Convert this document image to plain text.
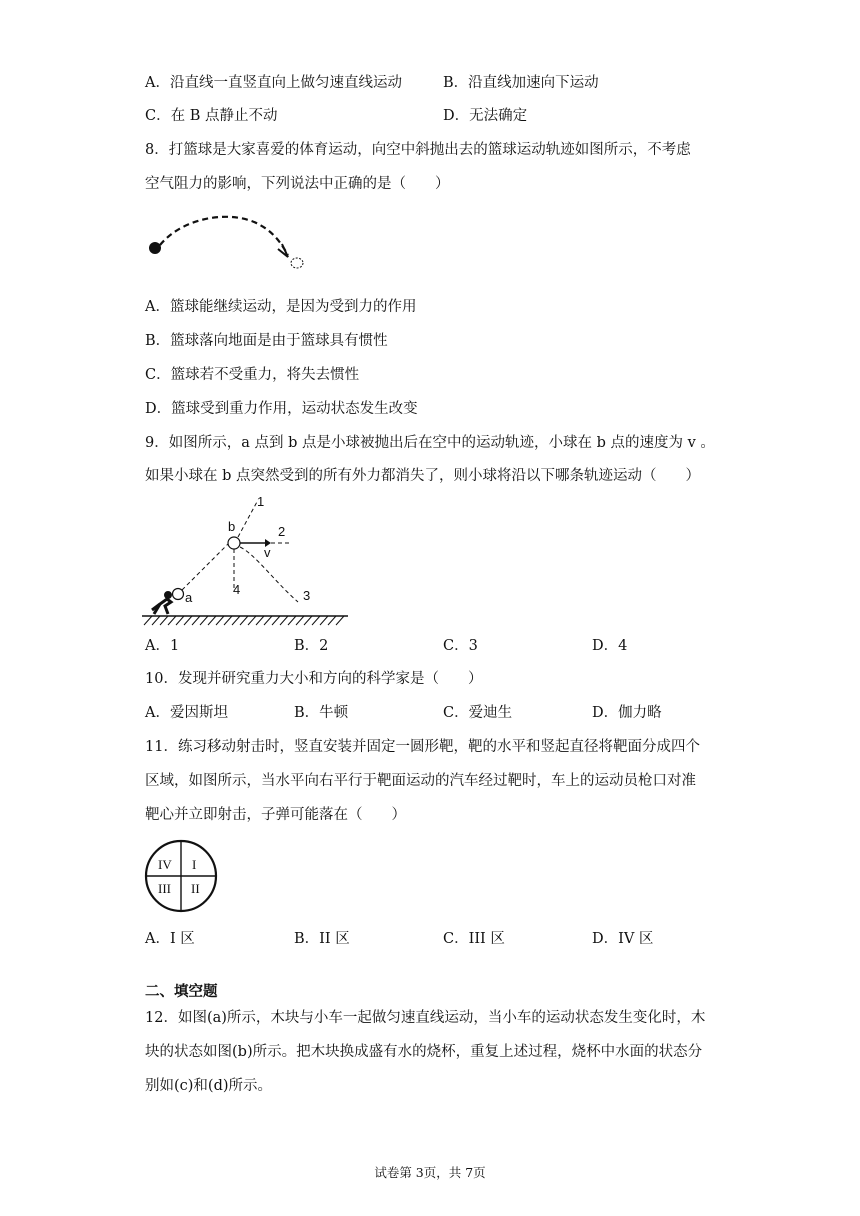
A．沿直线一直竖直向上做匀速直线运动	B．沿直线加速向下运动
C．在 B 点静止不动	D．无法确定
8．打篮球是大家喜爱的体育运动，向空中斜抛出去的篮球运动轨迹如图所示，不考虑
空气阻力的影响，下列说法中正确的是（　　）
A．篮球能继续运动，是因为受到力的作用
B．篮球落向地面是由于篮球具有惯性
C．篮球若不受重力，将失去惯性
D．篮球受到重力作用，运动状态发生改变
9．如图所示，a 点到 b 点是小球被抛出后在空中的运动轨迹，小球在 b 点的速度为 v 。
如果小球在 b 点突然受到的所有外力都消失了，则小球将沿以下哪条轨迹运动（　　）
a
b
1
2
v
3
4
A．1	B．2	C．3	D．4
10．发现并研究重力大小和方向的科学家是（　　）
A．爱因斯坦	B．牛顿	C．爱迪生	D．伽力略
11．练习移动射击时，竖直安装并固定一圆形靶，靶的水平和竖起直径将靶面分成四个
区域，如图所示，当水平向右平行于靶面运动的汽车经过靶时，车上的运动员枪口对准
靶心并立即射击，子弹可能落在（　　）
IV I
III II
A．I 区	B．II 区	C．III 区	D．IV 区
二、填空题
12．如图(a)所示，木块与小车一起做匀速直线运动，当小车的运动状态发生变化时，木
块的状态如图(b)所示。把木块换成盛有水的烧杯，重复上述过程，烧杯中水面的状态分
别如(c)和(d)所示。
试卷第 3页，共 7页
